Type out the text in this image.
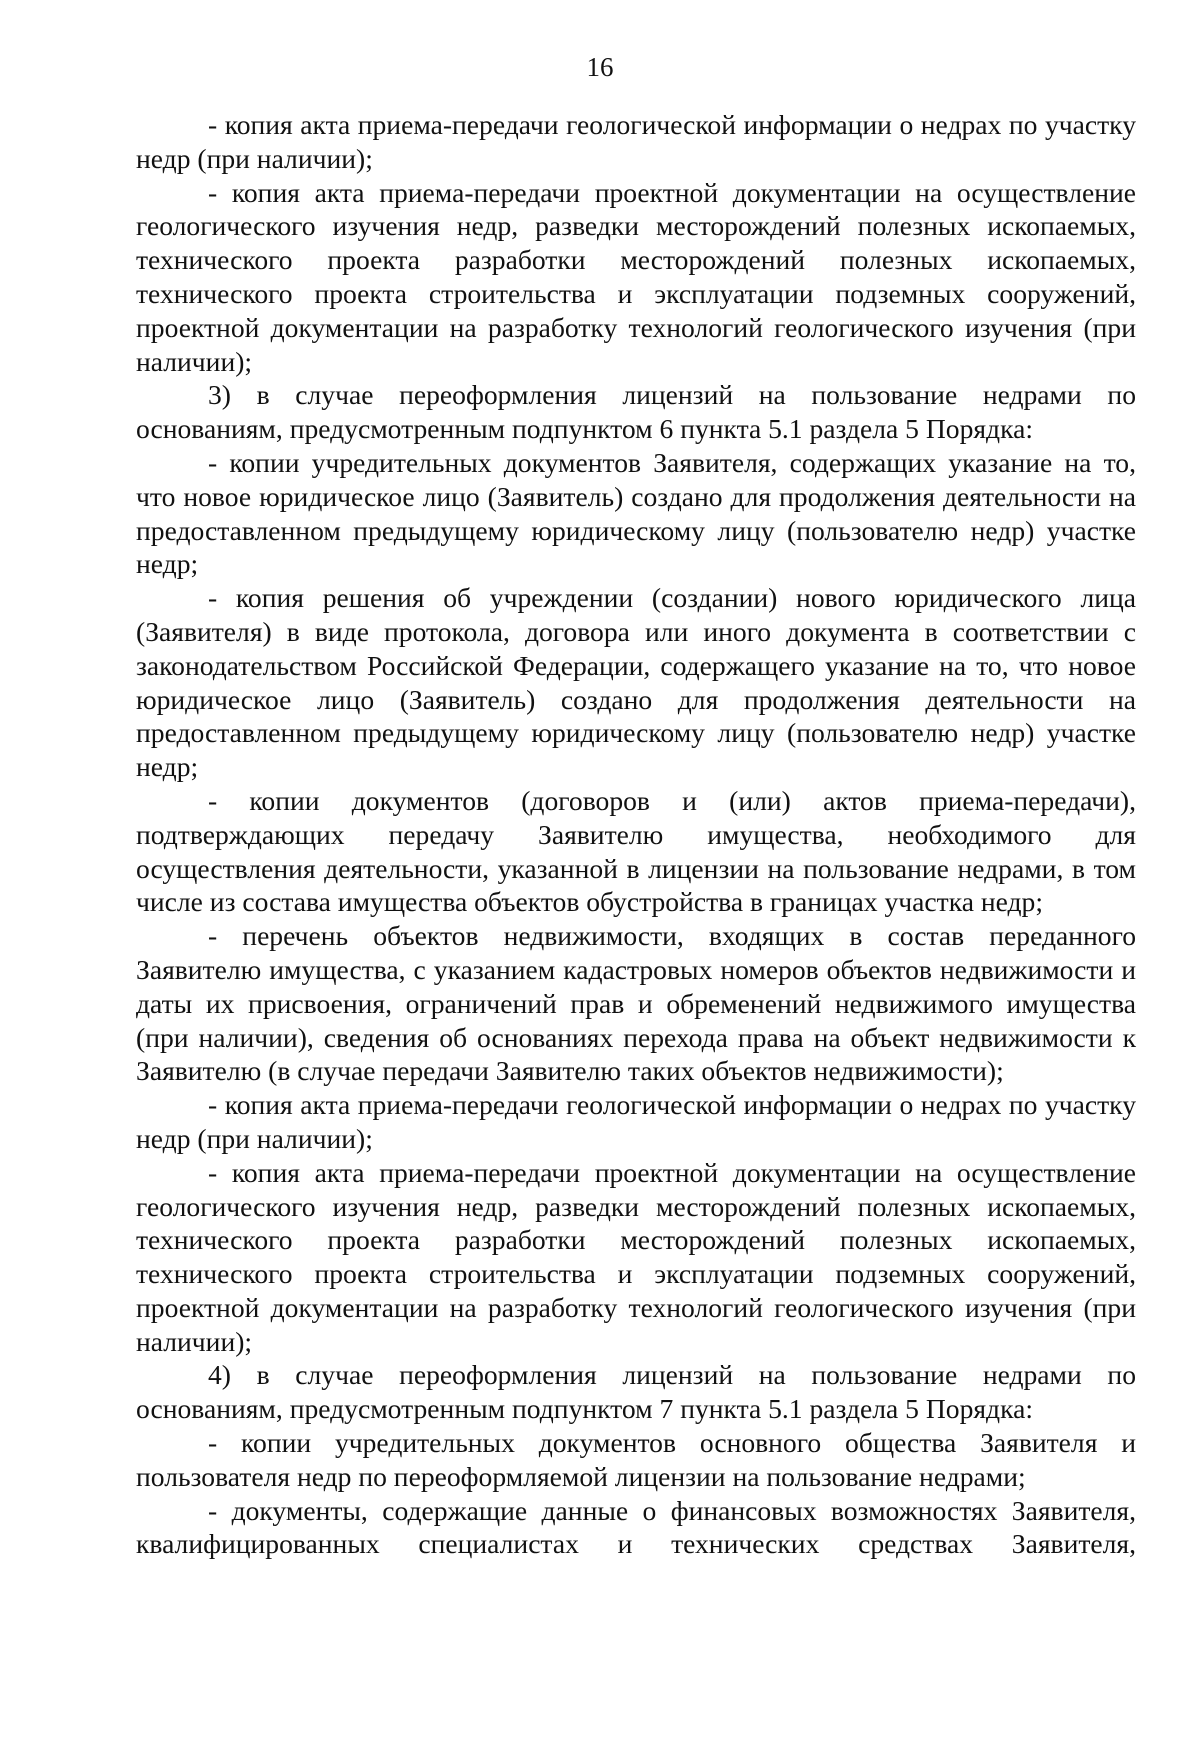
16

- копия акта приема-передачи геологической информации о недрах по участку недр (при наличии);

- копия акта приема-передачи проектной документации на осуществление геологического изучения недр, разведки месторождений полезных ископаемых, технического проекта разработки месторождений полезных ископаемых, технического проекта строительства и эксплуатации подземных сооружений, проектной документации на разработку технологий геологического изучения (при наличии);

3) в случае переоформления лицензий на пользование недрами по основаниям, предусмотренным подпунктом 6 пункта 5.1 раздела 5 Порядка:

- копии учредительных документов Заявителя, содержащих указание на то, что новое юридическое лицо (Заявитель) создано для продолжения деятельности на предоставленном предыдущему юридическому лицу (пользователю недр) участке недр;

- копия решения об учреждении (создании) нового юридического лица (Заявителя) в виде протокола, договора или иного документа в соответствии с законодательством Российской Федерации, содержащего указание на то, что новое юридическое лицо (Заявитель) создано для продолжения деятельности на предоставленном предыдущему юридическому лицу (пользователю недр) участке недр;

- копии документов (договоров и (или) актов приема-передачи), подтверждающих передачу Заявителю имущества, необходимого для осуществления деятельности, указанной в лицензии на пользование недрами, в том числе из состава имущества объектов обустройства в границах участка недр;

- перечень объектов недвижимости, входящих в состав переданного Заявителю имущества, с указанием кадастровых номеров объектов недвижимости и даты их присвоения, ограничений прав и обременений недвижимого имущества (при наличии), сведения об основаниях перехода права на объект недвижимости к Заявителю (в случае передачи Заявителю таких объектов недвижимости);

- копия акта приема-передачи геологической информации о недрах по участку недр (при наличии);

- копия акта приема-передачи проектной документации на осуществление геологического изучения недр, разведки месторождений полезных ископаемых, технического проекта разработки месторождений полезных ископаемых, технического проекта строительства и эксплуатации подземных сооружений, проектной документации на разработку технологий геологического изучения (при наличии);

4) в случае переоформления лицензий на пользование недрами по основаниям, предусмотренным подпунктом 7 пункта 5.1 раздела 5 Порядка:

- копии учредительных документов основного общества Заявителя и пользователя недр по переоформляемой лицензии на пользование недрами;

- документы, содержащие данные о финансовых возможностях Заявителя, квалифицированных специалистах и технических средствах Заявителя,
